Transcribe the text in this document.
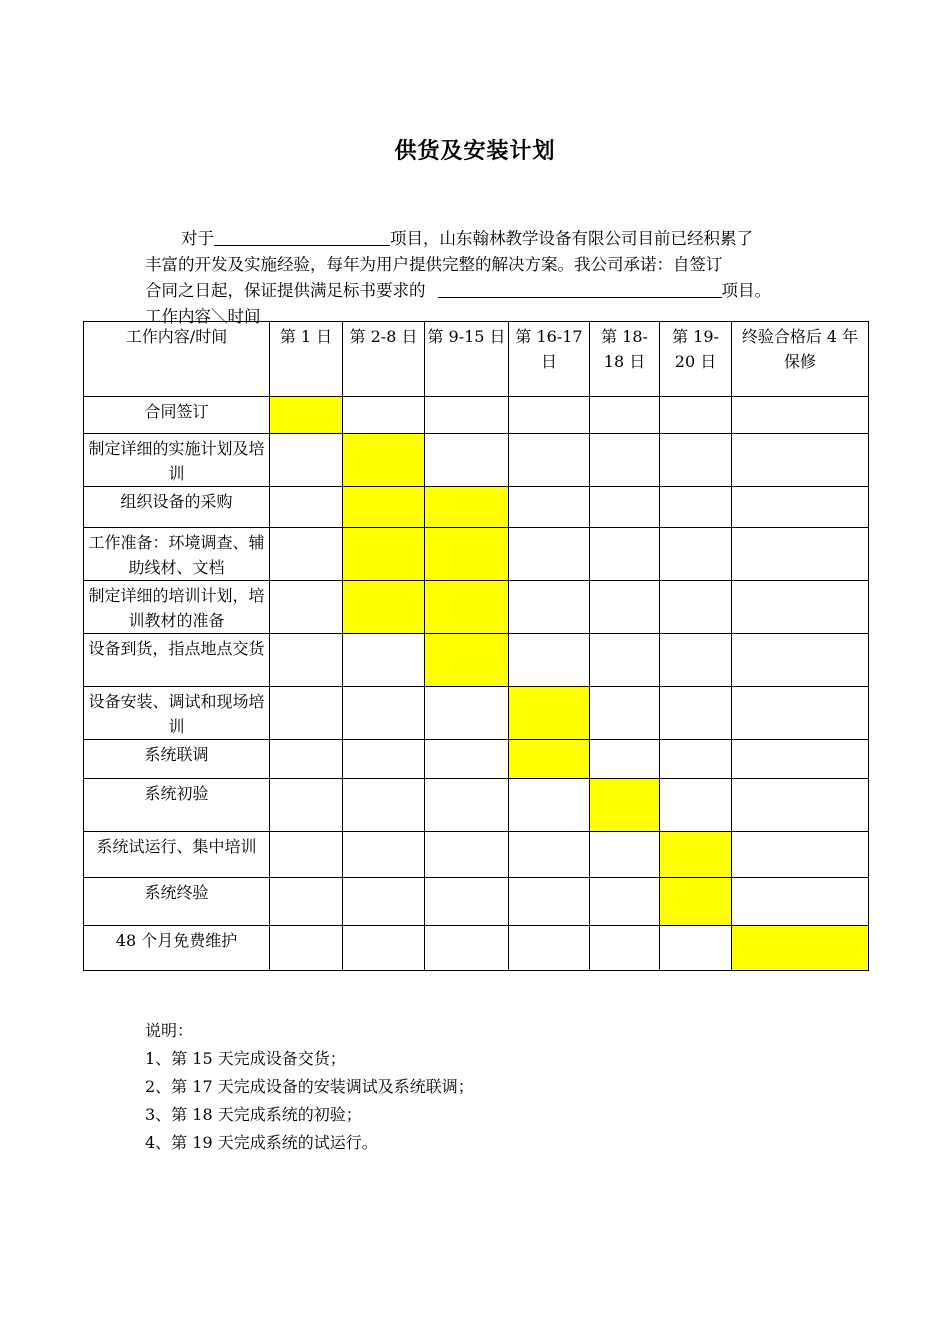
供货及安装计划
对于	项目，山东翰林教学设备有限公司目前已经积累了
丰富的开发及实施经验，每年为用户提供完整的解决方案。我公司承诺：自签订
合同之日起，保证提供满足标书要求的	项目。
工作内容＼时间
工作内容/时间	第 1 日	第 2-8 日	第 9-15 日	第 16-17 日	第 18-18 日	第 19-20 日	终验合格后 4 年保修
合同签订							
制定详细的实施计划及培训							
组织设备的采购							
工作准备：环境调查、辅助线材、文档							
制定详细的培训计划，培训教材的准备							
设备到货，指点地点交货							
设备安装、调试和现场培训							
系统联调							
系统初验							
系统试运行、集中培训							
系统终验							
48 个月免费维护							
说明：
1、第 15 天完成设备交货；
2、第 17 天完成设备的安装调试及系统联调；
3、第 18 天完成系统的初验；
4、第 19 天完成系统的试运行。
